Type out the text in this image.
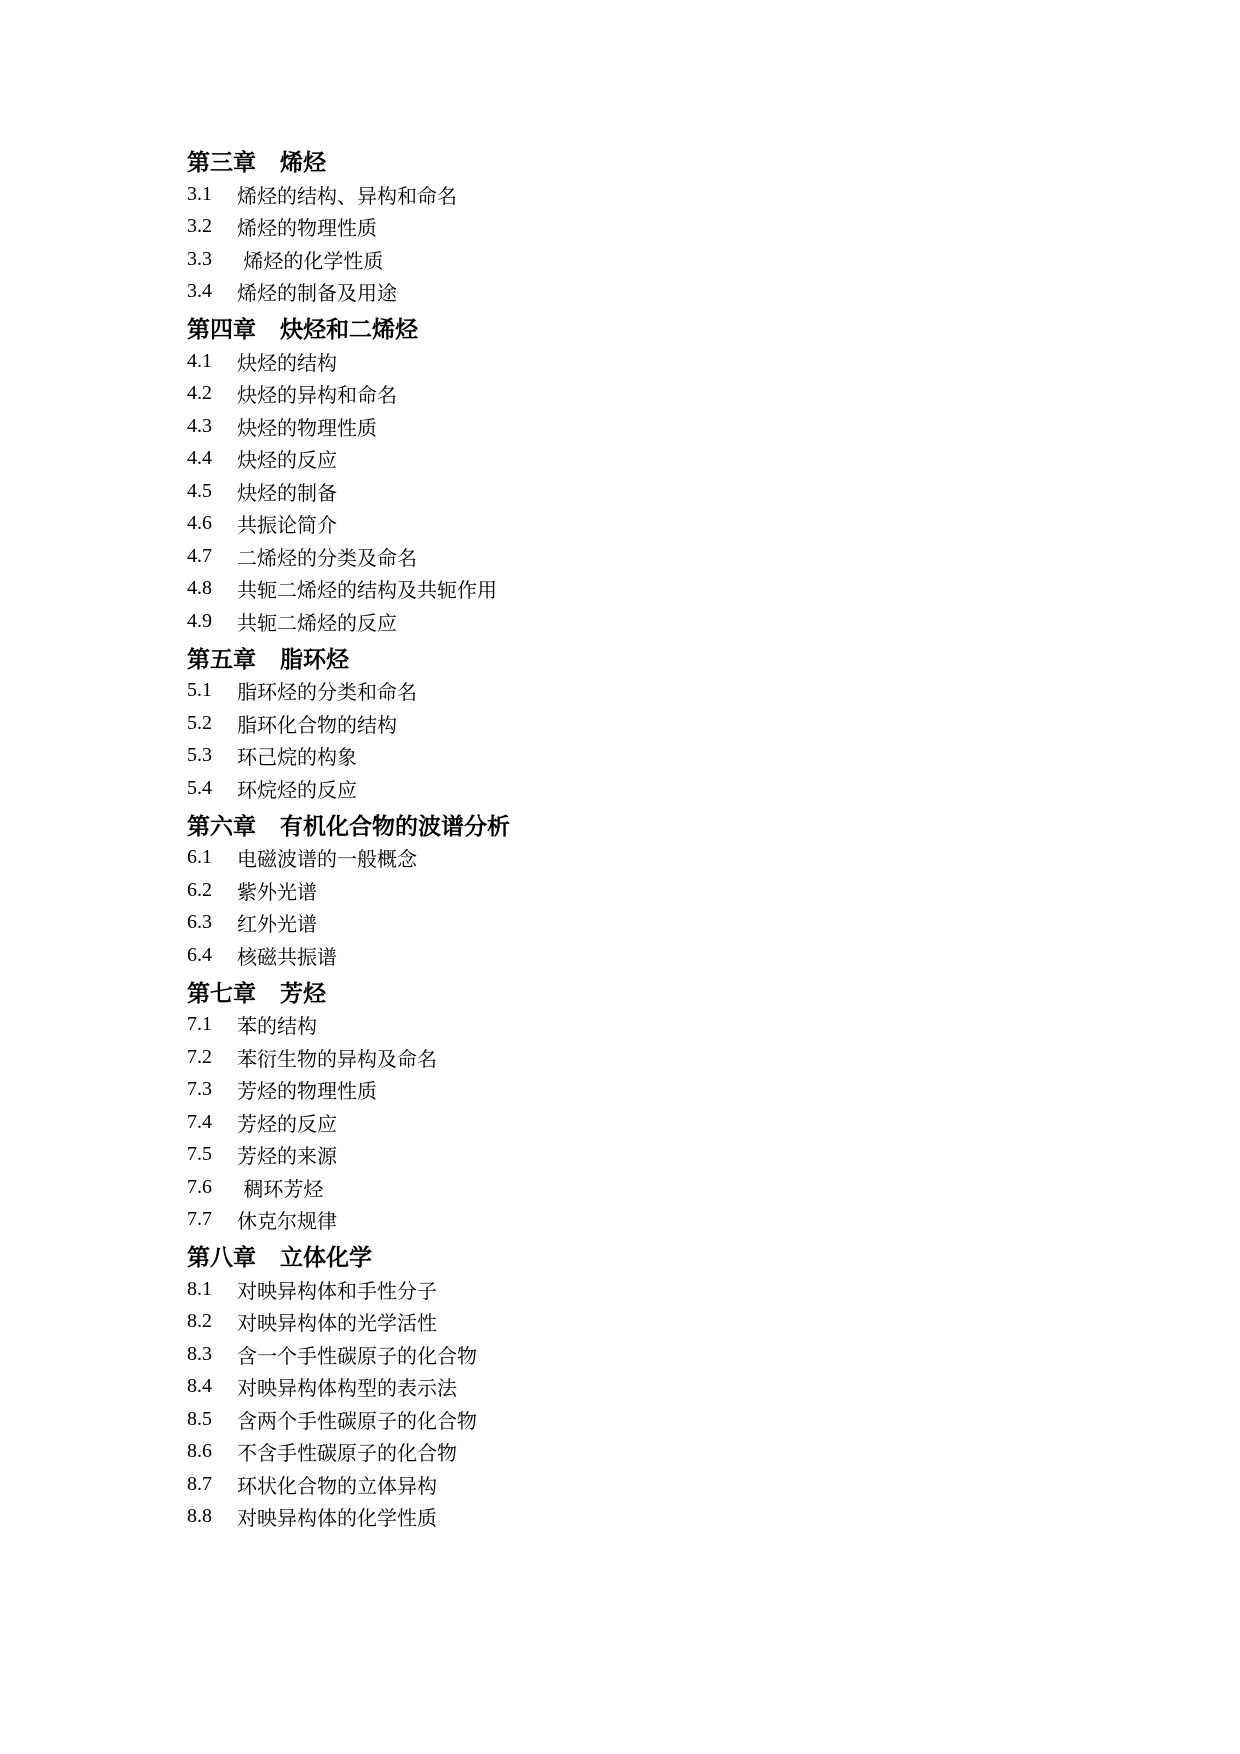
第三章 烯烃
3.1	烯烃的结构、异构和命名
3.2	烯烃的物理性质
3.3	烯烃的化学性质
3.4	烯烃的制备及用途
第四章 炔烃和二烯烃
4.1	炔烃的结构
4.2	炔烃的异构和命名
4.3	炔烃的物理性质
4.4	炔烃的反应
4.5	炔烃的制备
4.6	共振论简介
4.7	二烯烃的分类及命名
4.8	共轭二烯烃的结构及共轭作用
4.9	共轭二烯烃的反应
第五章 脂环烃
5.1	脂环烃的分类和命名
5.2	脂环化合物的结构
5.3	环己烷的构象
5.4	环烷烃的反应
第六章 有机化合物的波谱分析
6.1	电磁波谱的一般概念
6.2	紫外光谱
6.3	红外光谱
6.4	核磁共振谱
第七章 芳烃
7.1	苯的结构
7.2	苯衍生物的异构及命名
7.3	芳烃的物理性质
7.4	芳烃的反应
7.5	芳烃的来源
7.6	稠环芳烃
7.7	休克尔规律
第八章 立体化学
8.1	对映异构体和手性分子
8.2	对映异构体的光学活性
8.3	含一个手性碳原子的化合物
8.4	对映异构体构型的表示法
8.5	含两个手性碳原子的化合物
8.6	不含手性碳原子的化合物
8.7	环状化合物的立体异构
8.8	对映异构体的化学性质
